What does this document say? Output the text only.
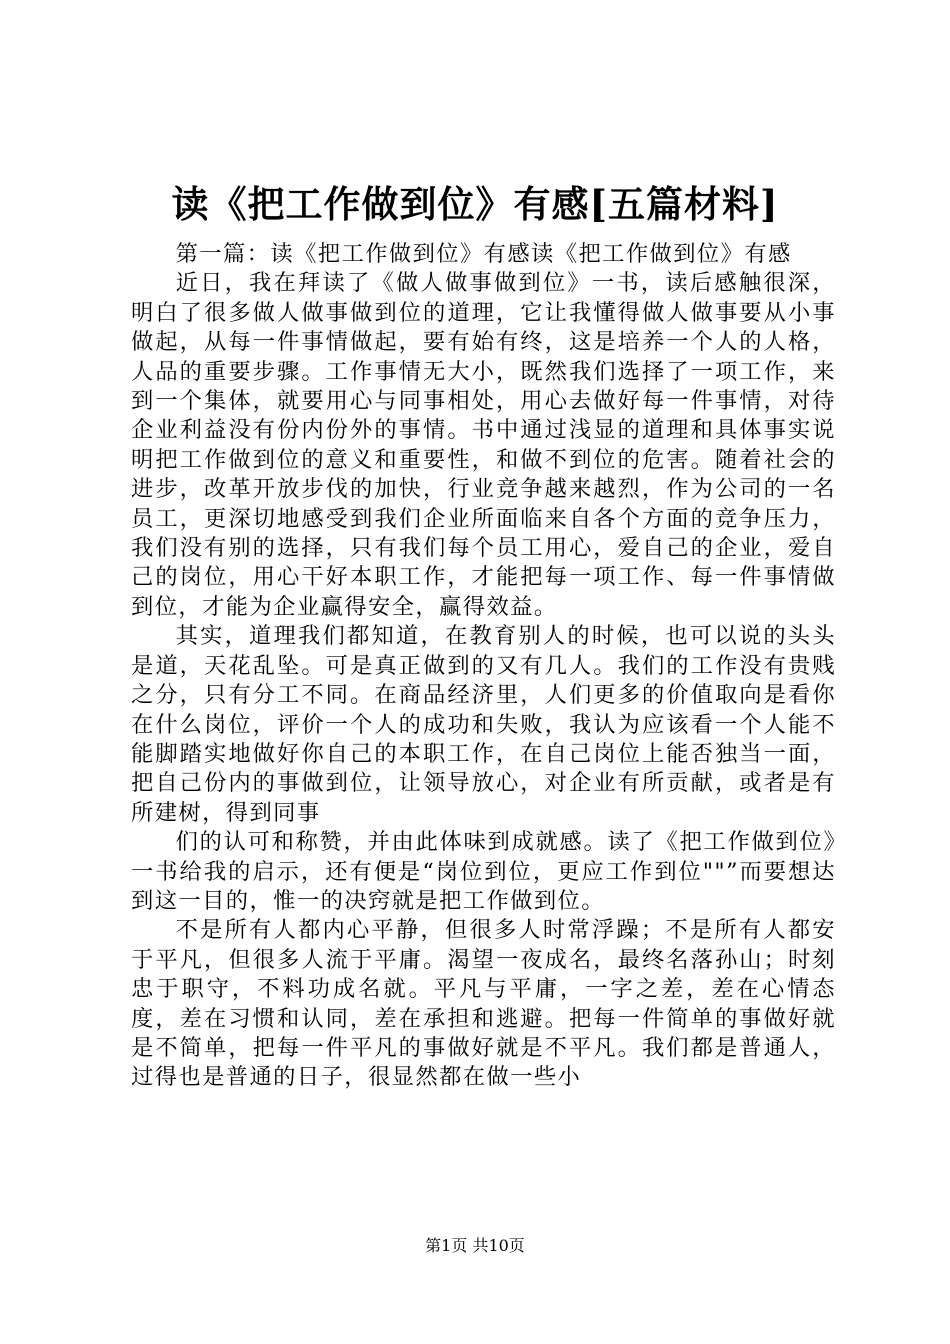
读《把工作做到位》有感[五篇材料]

第一篇：读《把工作做到位》有感读《把工作做到位》有感

近日，我在拜读了《做人做事做到位》一书，读后感触很深，明白了很多做人做事做到位的道理，它让我懂得做人做事要从小事做起，从每一件事情做起，要有始有终，这是培养一个人的人格，人品的重要步骤。工作事情无大小，既然我们选择了一项工作，来到一个集体，就要用心与同事相处，用心去做好每一件事情，对待企业利益没有份内份外的事情。书中通过浅显的道理和具体事实说明把工作做到位的意义和重要性，和做不到位的危害。随着社会的进步，改革开放步伐的加快，行业竞争越来越烈，作为公司的一名员工，更深切地感受到我们企业所面临来自各个方面的竞争压力，我们没有别的选择，只有我们每个员工用心，爱自己的企业，爱自己的岗位，用心干好本职工作，才能把每一项工作、每一件事情做到位，才能为企业赢得安全，赢得效益。

其实，道理我们都知道，在教育别人的时候，也可以说的头头是道，天花乱坠。可是真正做到的又有几人。我们的工作没有贵贱之分，只有分工不同。在商品经济里，人们更多的价值取向是看你在什么岗位，评价一个人的成功和失败，我认为应该看一个人能不能脚踏实地做好你自己的本职工作，在自己岗位上能否独当一面，把自己份内的事做到位，让领导放心，对企业有所贡献，或者是有所建树，得到同事

们的认可和称赞，并由此体味到成就感。读了《把工作做到位》一书给我的启示，还有便是“岗位到位，更应工作到位""”而要想达到这一目的，惟一的决窍就是把工作做到位。

不是所有人都内心平静，但很多人时常浮躁；不是所有人都安于平凡，但很多人流于平庸。渴望一夜成名，最终名落孙山；时刻忠于职守，不料功成名就。平凡与平庸，一字之差，差在心情态度，差在习惯和认同，差在承担和逃避。把每一件简单的事做好就是不简单，把每一件平凡的事做好就是不平凡。我们都是普通人，过得也是普通的日子，很显然都在做一些小

第1页 共10页
